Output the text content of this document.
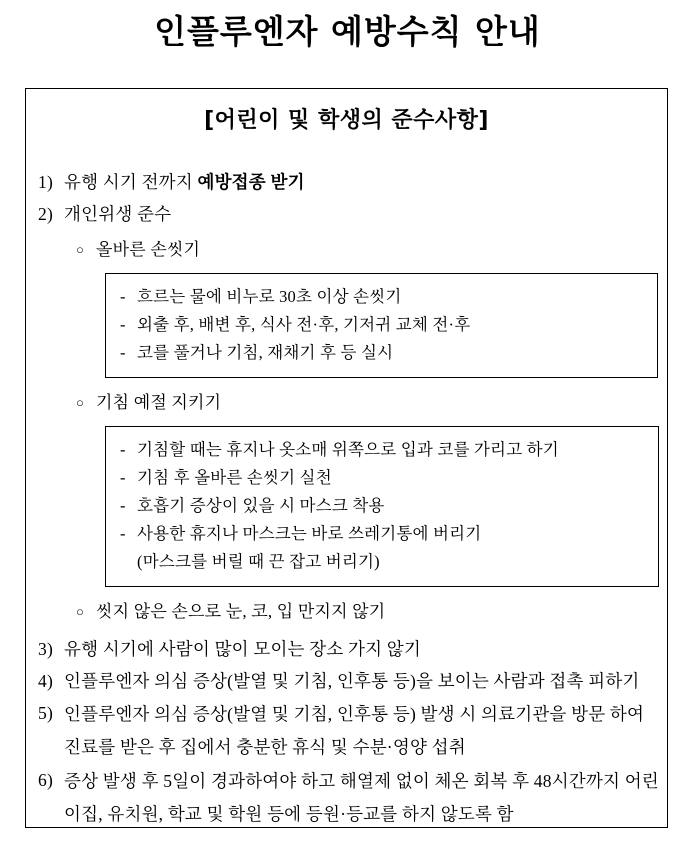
인플루엔자 예방수칙 안내
[어린이 및 학생의 준수사항]
1) 유행 시기 전까지 예방접종 받기
2) 개인위생 준수
○ 올바른 손씻기
- 흐르는 물에 비누로 30초 이상 손씻기
- 외출 후, 배변 후, 식사 전·후, 기저귀 교체 전·후
- 코를 풀거나 기침, 재채기 후 등 실시
○ 기침 예절 지키기
- 기침할 때는 휴지나 옷소매 위쪽으로 입과 코를 가리고 하기
- 기침 후 올바른 손씻기 실천
- 호흡기 증상이 있을 시 마스크 착용
- 사용한 휴지나 마스크는 바로 쓰레기통에 버리기
(마스크를 버릴 때 끈 잡고 버리기)
○ 씻지 않은 손으로 눈, 코, 입 만지지 않기
3) 유행 시기에 사람이 많이 모이는 장소 가지 않기
4) 인플루엔자 의심 증상(발열 및 기침, 인후통 등)을 보이는 사람과 접촉 피하기
5) 인플루엔자 의심 증상(발열 및 기침, 인후통 등) 발생 시 의료기관을 방문 하여 진료를 받은 후 집에서 충분한 휴식 및 수분·영양 섭취
6) 증상 발생 후 5일이 경과하여야 하고 해열제 없이 체온 회복 후 48시간까지 어린이집, 유치원, 학교 및 학원 등에 등원·등교를 하지 않도록 함
